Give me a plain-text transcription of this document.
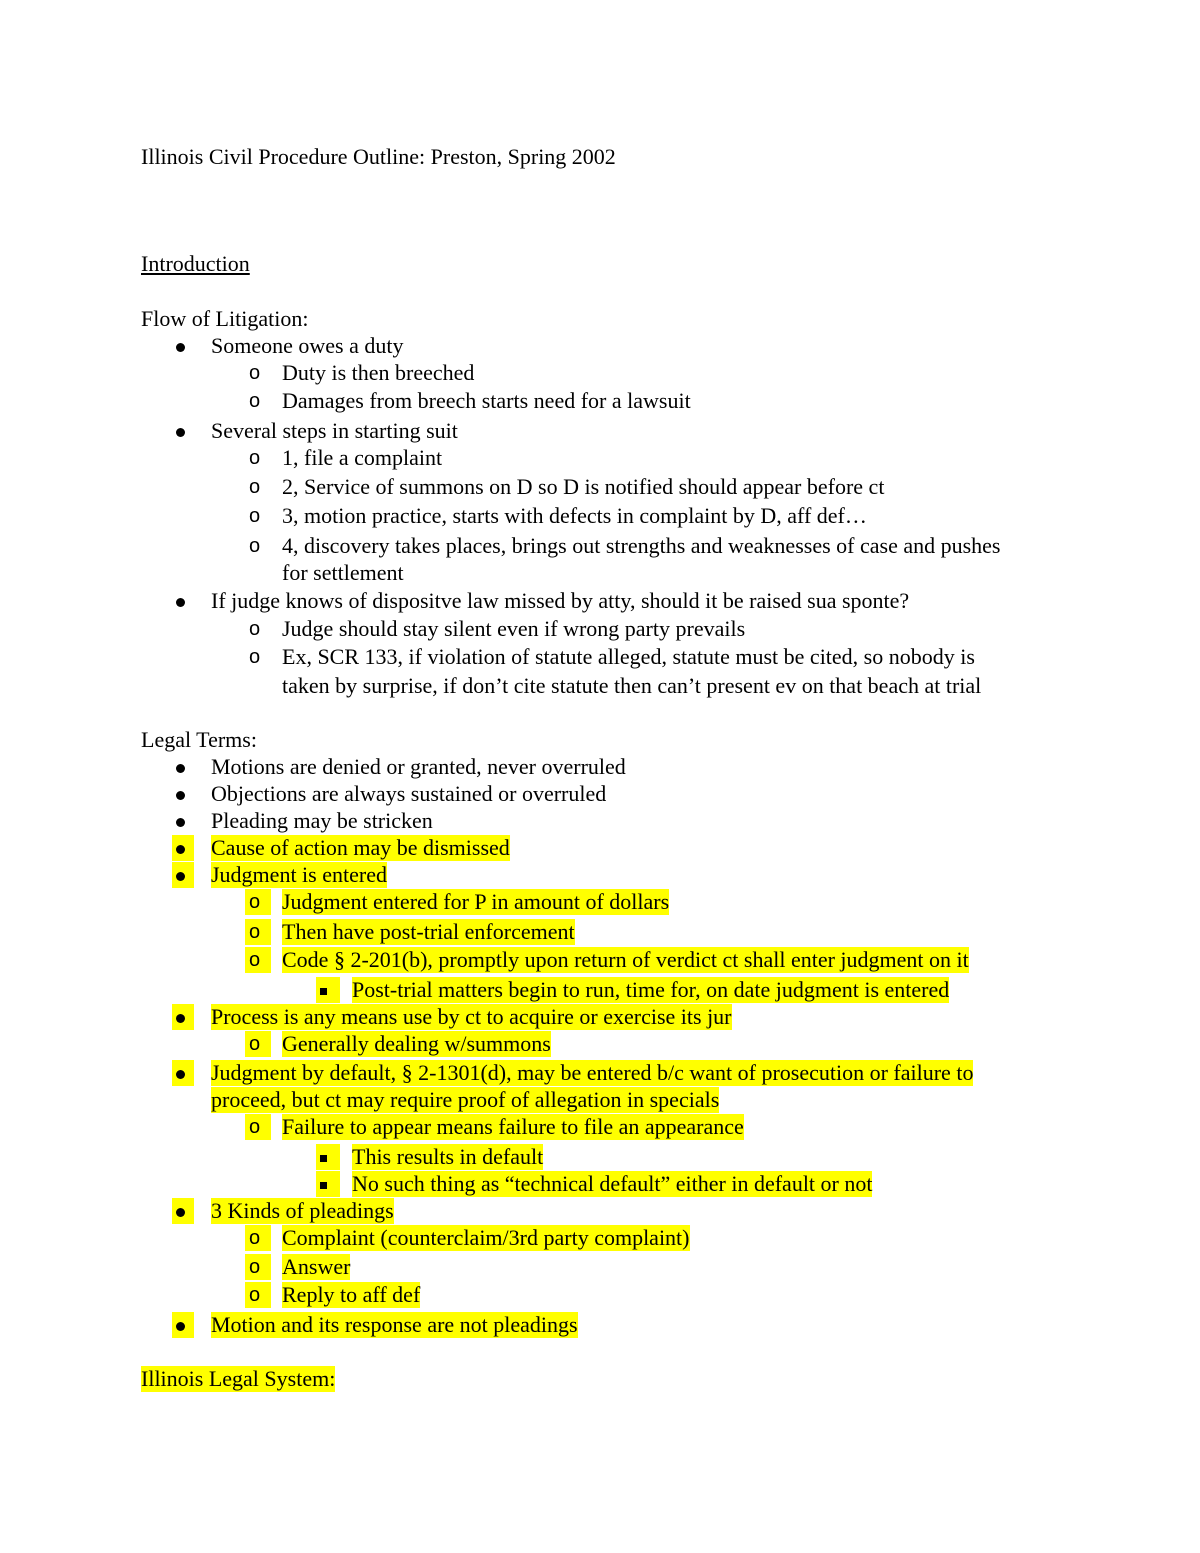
Illinois Civil Procedure Outline: Preston, Spring 2002
Introduction
Flow of Litigation:
Someone owes a duty
o Duty is then breeched
o Damages from breech starts need for a lawsuit
Several steps in starting suit
o 1, file a complaint
o 2, Service of summons on D so D is notified should appear before ct
o 3, motion practice, starts with defects in complaint by D, aff def…
o 4, discovery takes places, brings out strengths and weaknesses of case and pushes
for settlement
If judge knows of dispositve law missed by atty, should it be raised sua sponte?
o Judge should stay silent even if wrong party prevails
o Ex, SCR 133, if violation of statute alleged, statute must be cited, so nobody is
taken by surprise, if don’t cite statute then can’t present ev on that beach at trial
Legal Terms:
Motions are denied or granted, never overruled
Objections are always sustained or overruled
Pleading may be stricken
Cause of action may be dismissed
Judgment is entered
o Judgment entered for P in amount of dollars
o Then have post-trial enforcement
o Code § 2-201(b), promptly upon return of verdict ct shall enter judgment on it
Post-trial matters begin to run, time for, on date judgment is entered
Process is any means use by ct to acquire or exercise its jur
o Generally dealing w/summons
Judgment by default, § 2-1301(d), may be entered b/c want of prosecution or failure to
proceed, but ct may require proof of allegation in specials
o Failure to appear means failure to file an appearance
This results in default
No such thing as “technical default” either in default or not
3 Kinds of pleadings
o Complaint (counterclaim/3rd party complaint)
o Answer
o Reply to aff def
Motion and its response are not pleadings
Illinois Legal System:
